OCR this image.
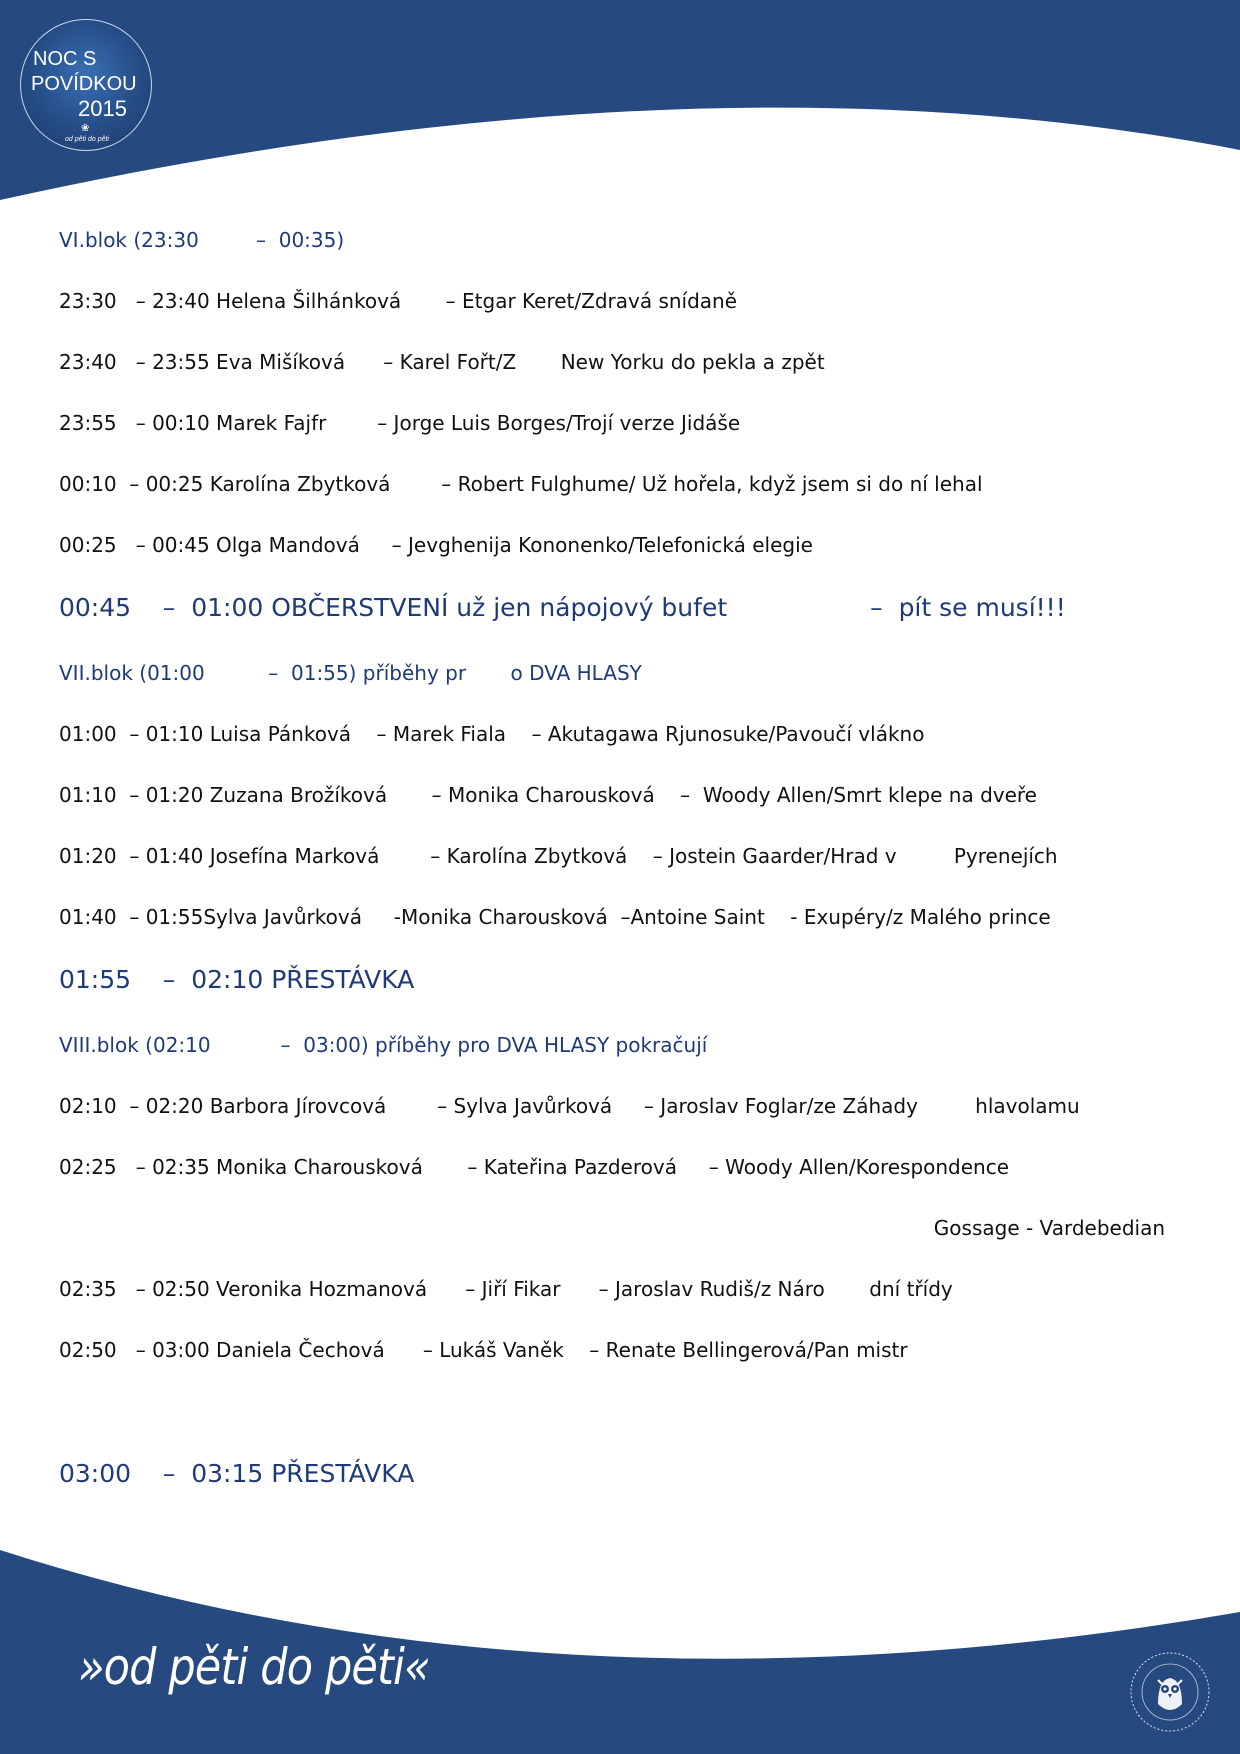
NOC S
POVÍDKOU
2015
❀
od pěti do pěti
VI.blok (23:30         –  00:35)
23:30   – 23:40 Helena Šilhánková       – Etgar Keret/Zdravá snídaně
23:40   – 23:55 Eva Mišíková      – Karel Fořt/Z       New Yorku do pekla a zpět
23:55   – 00:10 Marek Fajfr        – Jorge Luis Borges/Trojí verze Jidáše
00:10  – 00:25 Karolína Zbytková        – Robert Fulghume/ Už hořela, když jsem si do ní lehal
00:25   – 00:45 Olga Mandová     – Jevghenija Kononenko/Telefonická elegie
00:45    –  01:00 OBČERSTVENÍ už jen nápojový bufet                  –  pít se musí!!!
VII.blok (01:00          –  01:55) příběhy pr       o DVA HLASY
01:00  – 01:10 Luisa Pánková    – Marek Fiala    – Akutagawa Rjunosuke/Pavoučí vlákno
01:10  – 01:20 Zuzana Brožíková       – Monika Charousková    –  Woody Allen/Smrt klepe na dveře
01:20  – 01:40 Josefína Marková        – Karolína Zbytková    – Jostein Gaarder/Hrad v         Pyrenejích
01:40  – 01:55Sylva Javůrková     -Monika Charousková  –Antoine Saint    - Exupéry/z Malého prince
01:55    –  02:10 PŘESTÁVKA
VIII.blok (02:10           –  03:00) příběhy pro DVA HLASY pokračují
02:10  – 02:20 Barbora Jírovcová        – Sylva Javůrková     – Jaroslav Foglar/ze Záhady         hlavolamu
02:25   – 02:35 Monika Charousková       – Kateřina Pazderová     – Woody Allen/Korespondence
Gossage - Vardebedian
02:35   – 02:50 Veronika Hozmanová      – Jiří Fikar      – Jaroslav Rudiš/z Náro       dní třídy
02:50   – 03:00 Daniela Čechová      – Lukáš Vaněk    – Renate Bellingerová/Pan mistr
03:00    –  03:15 PŘESTÁVKA
»od pěti do pěti«
